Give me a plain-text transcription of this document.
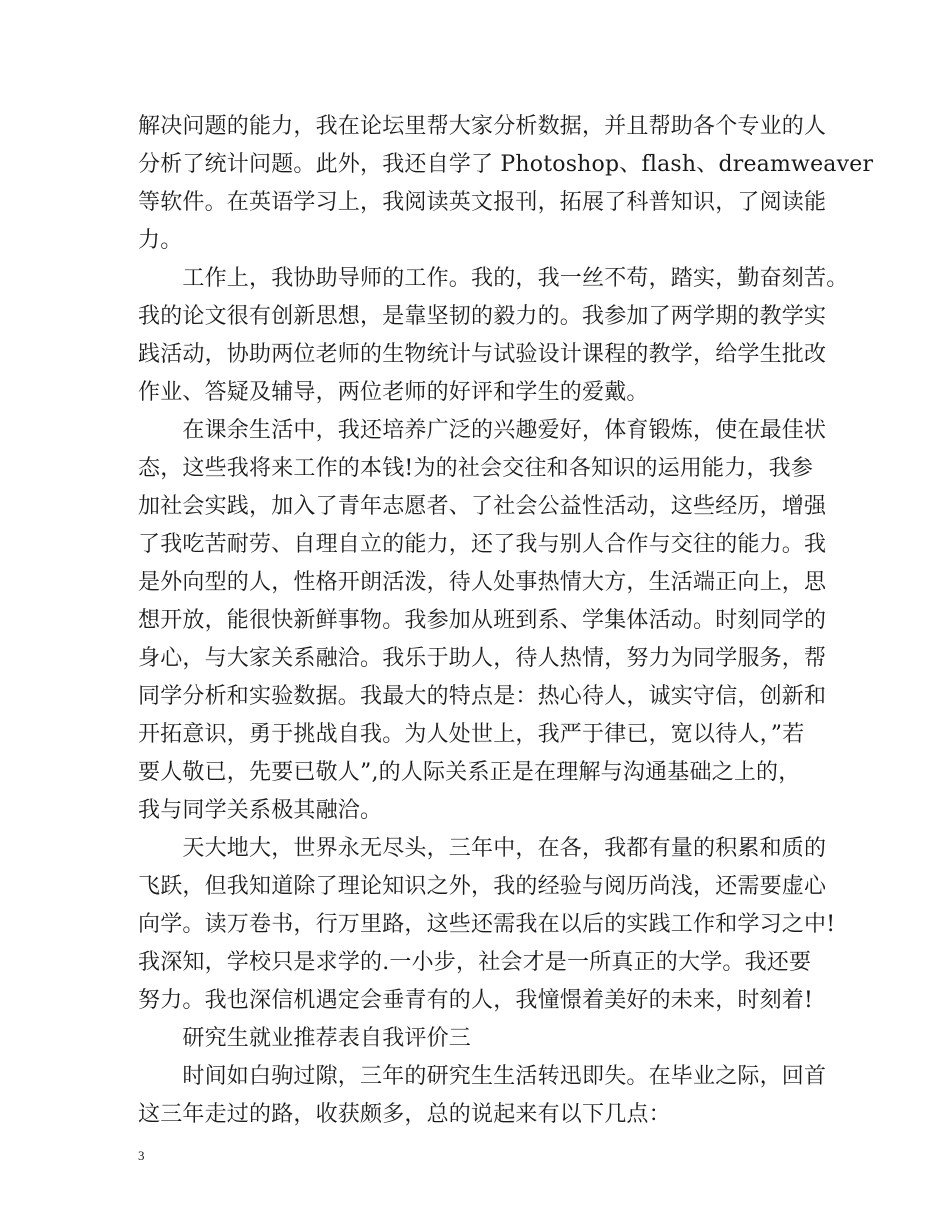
解决问题的能力，我在论坛里帮大家分析数据，并且帮助各个专业的人
分析了统计问题。此外，我还自学了 Photoshop、flash、dreamweaver
等软件。在英语学习上，我阅读英文报刊，拓展了科普知识，了阅读能
力。
　　工作上，我协助导师的工作。我的，我一丝不苟，踏实，勤奋刻苦。
我的论文很有创新思想，是靠坚韧的毅力的。我参加了两学期的教学实
践活动，协助两位老师的生物统计与试验设计课程的教学，给学生批改
作业、答疑及辅导，两位老师的好评和学生的爱戴。
　　在课余生活中，我还培养广泛的兴趣爱好，体育锻炼，使在最佳状
态，这些我将来工作的本钱!为的社会交往和各知识的运用能力，我参
加社会实践，加入了青年志愿者、了社会公益性活动，这些经历，增强
了我吃苦耐劳、自理自立的能力，还了我与别人合作与交往的能力。我
是外向型的人，性格开朗活泼，待人处事热情大方，生活端正向上，思
想开放，能很快新鲜事物。我参加从班到系、学集体活动。时刻同学的
身心，与大家关系融洽。我乐于助人，待人热情，努力为同学服务，帮
同学分析和实验数据。我最大的特点是：热心待人，诚实守信，创新和
开拓意识，勇于挑战自我。为人处世上，我严于律已，宽以待人，”若
要人敬已，先要已敬人”,的人际关系正是在理解与沟通基础之上的，
我与同学关系极其融洽。
　　天大地大，世界永无尽头，三年中，在各，我都有量的积累和质的
飞跃，但我知道除了理论知识之外，我的经验与阅历尚浅，还需要虚心
向学。读万卷书，行万里路，这些还需我在以后的实践工作和学习之中!
我深知，学校只是求学的.一小步，社会才是一所真正的大学。我还要
努力。我也深信机遇定会垂青有的人，我憧憬着美好的未来，时刻着!
　　研究生就业推荐表自我评价三
　　时间如白驹过隙，三年的研究生生活转迅即失。在毕业之际，回首
这三年走过的路，收获颇多，总的说起来有以下几点：
3
